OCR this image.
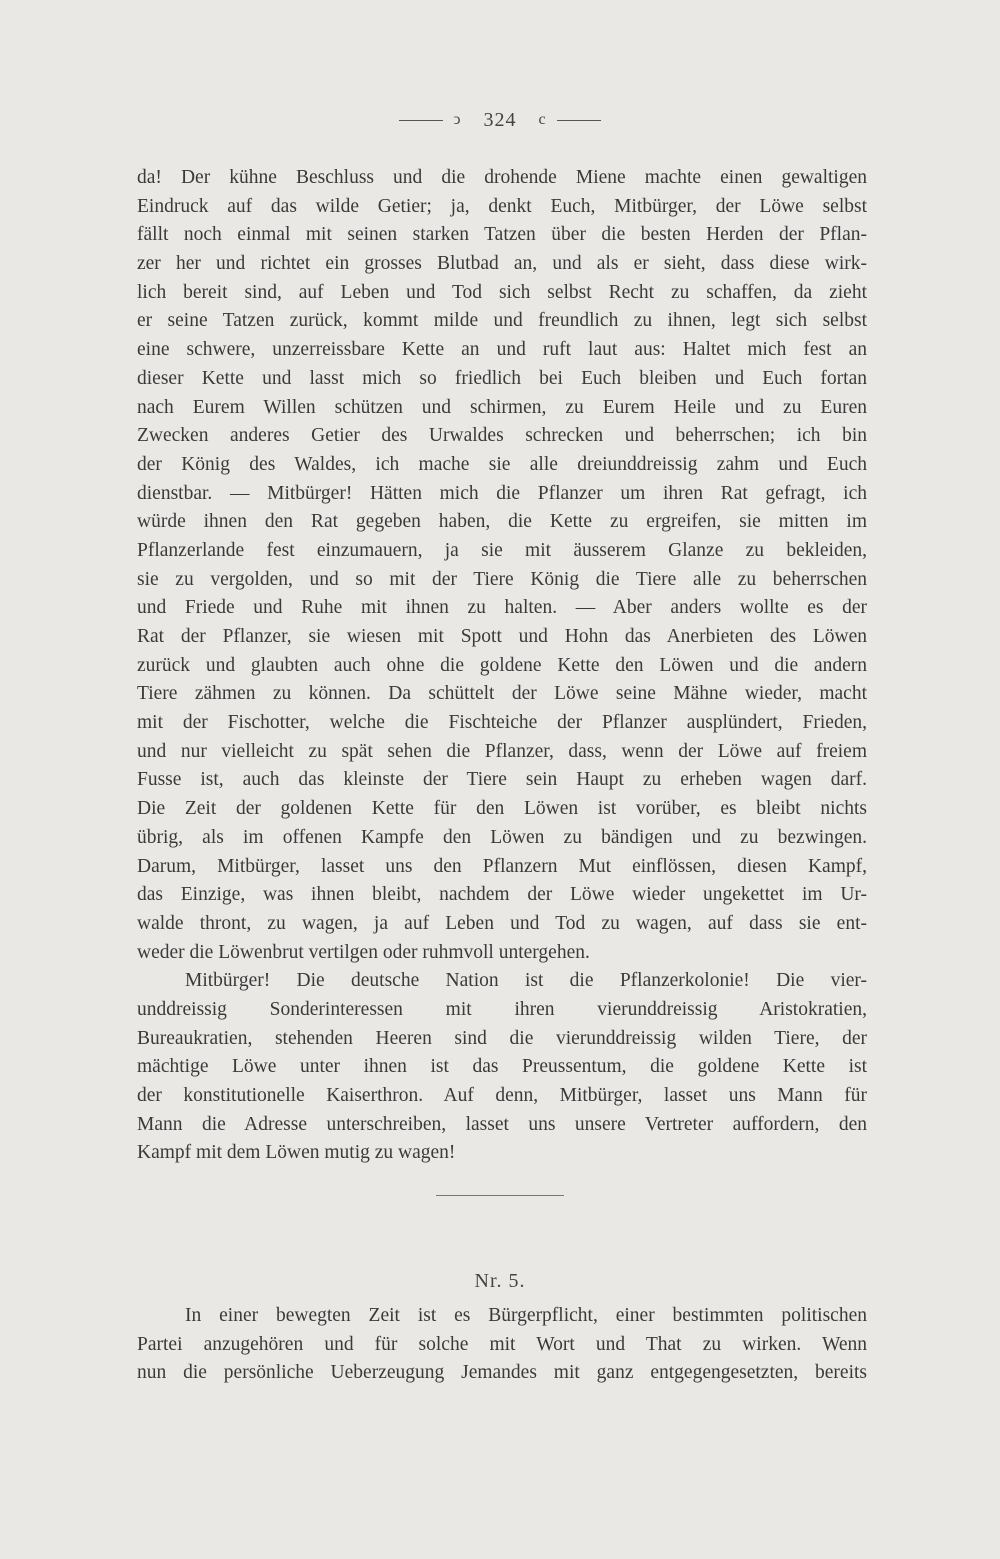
ↄ 324 c
da! Der kühne Beschluss und die drohende Miene machte einen gewaltigen
Eindruck auf das wilde Getier; ja, denkt Euch, Mitbürger, der Löwe selbst
fällt noch einmal mit seinen starken Tatzen über die besten Herden der Pflan-
zer her und richtet ein grosses Blutbad an, und als er sieht, dass diese wirk-
lich bereit sind, auf Leben und Tod sich selbst Recht zu schaffen, da zieht
er seine Tatzen zurück, kommt milde und freundlich zu ihnen, legt sich selbst
eine schwere, unzerreissbare Kette an und ruft laut aus: Haltet mich fest an
dieser Kette und lasst mich so friedlich bei Euch bleiben und Euch fortan
nach Eurem Willen schützen und schirmen, zu Eurem Heile und zu Euren
Zwecken anderes Getier des Urwaldes schrecken und beherrschen; ich bin
der König des Waldes, ich mache sie alle dreiunddreissig zahm und Euch
dienstbar. — Mitbürger! Hätten mich die Pflanzer um ihren Rat gefragt, ich
würde ihnen den Rat gegeben haben, die Kette zu ergreifen, sie mitten im
Pflanzerlande fest einzumauern, ja sie mit äusserem Glanze zu bekleiden,
sie zu vergolden, und so mit der Tiere König die Tiere alle zu beherrschen
und Friede und Ruhe mit ihnen zu halten. — Aber anders wollte es der
Rat der Pflanzer, sie wiesen mit Spott und Hohn das Anerbieten des Löwen
zurück und glaubten auch ohne die goldene Kette den Löwen und die andern
Tiere zähmen zu können. Da schüttelt der Löwe seine Mähne wieder, macht
mit der Fischotter, welche die Fischteiche der Pflanzer ausplündert, Frieden,
und nur vielleicht zu spät sehen die Pflanzer, dass, wenn der Löwe auf freiem
Fusse ist, auch das kleinste der Tiere sein Haupt zu erheben wagen darf.
Die Zeit der goldenen Kette für den Löwen ist vorüber, es bleibt nichts
übrig, als im offenen Kampfe den Löwen zu bändigen und zu bezwingen.
Darum, Mitbürger, lasset uns den Pflanzern Mut einflössen, diesen Kampf,
das Einzige, was ihnen bleibt, nachdem der Löwe wieder ungekettet im Ur-
walde thront, zu wagen, ja auf Leben und Tod zu wagen, auf dass sie ent-
weder die Löwenbrut vertilgen oder ruhmvoll untergehen.
Mitbürger! Die deutsche Nation ist die Pflanzerkolonie! Die vier-
unddreissig Sonderinteressen mit ihren vierunddreissig Aristokratien,
Bureaukratien, stehenden Heeren sind die vierunddreissig wilden Tiere, der
mächtige Löwe unter ihnen ist das Preussentum, die goldene Kette ist
der konstitutionelle Kaiserthron. Auf denn, Mitbürger, lasset uns Mann für
Mann die Adresse unterschreiben, lasset uns unsere Vertreter auffordern, den
Kampf mit dem Löwen mutig zu wagen!
Nr. 5.
In einer bewegten Zeit ist es Bürgerpflicht, einer bestimmten politischen
Partei anzugehören und für solche mit Wort und That zu wirken. Wenn
nun die persönliche Ueberzeugung Jemandes mit ganz entgegengesetzten, bereits
